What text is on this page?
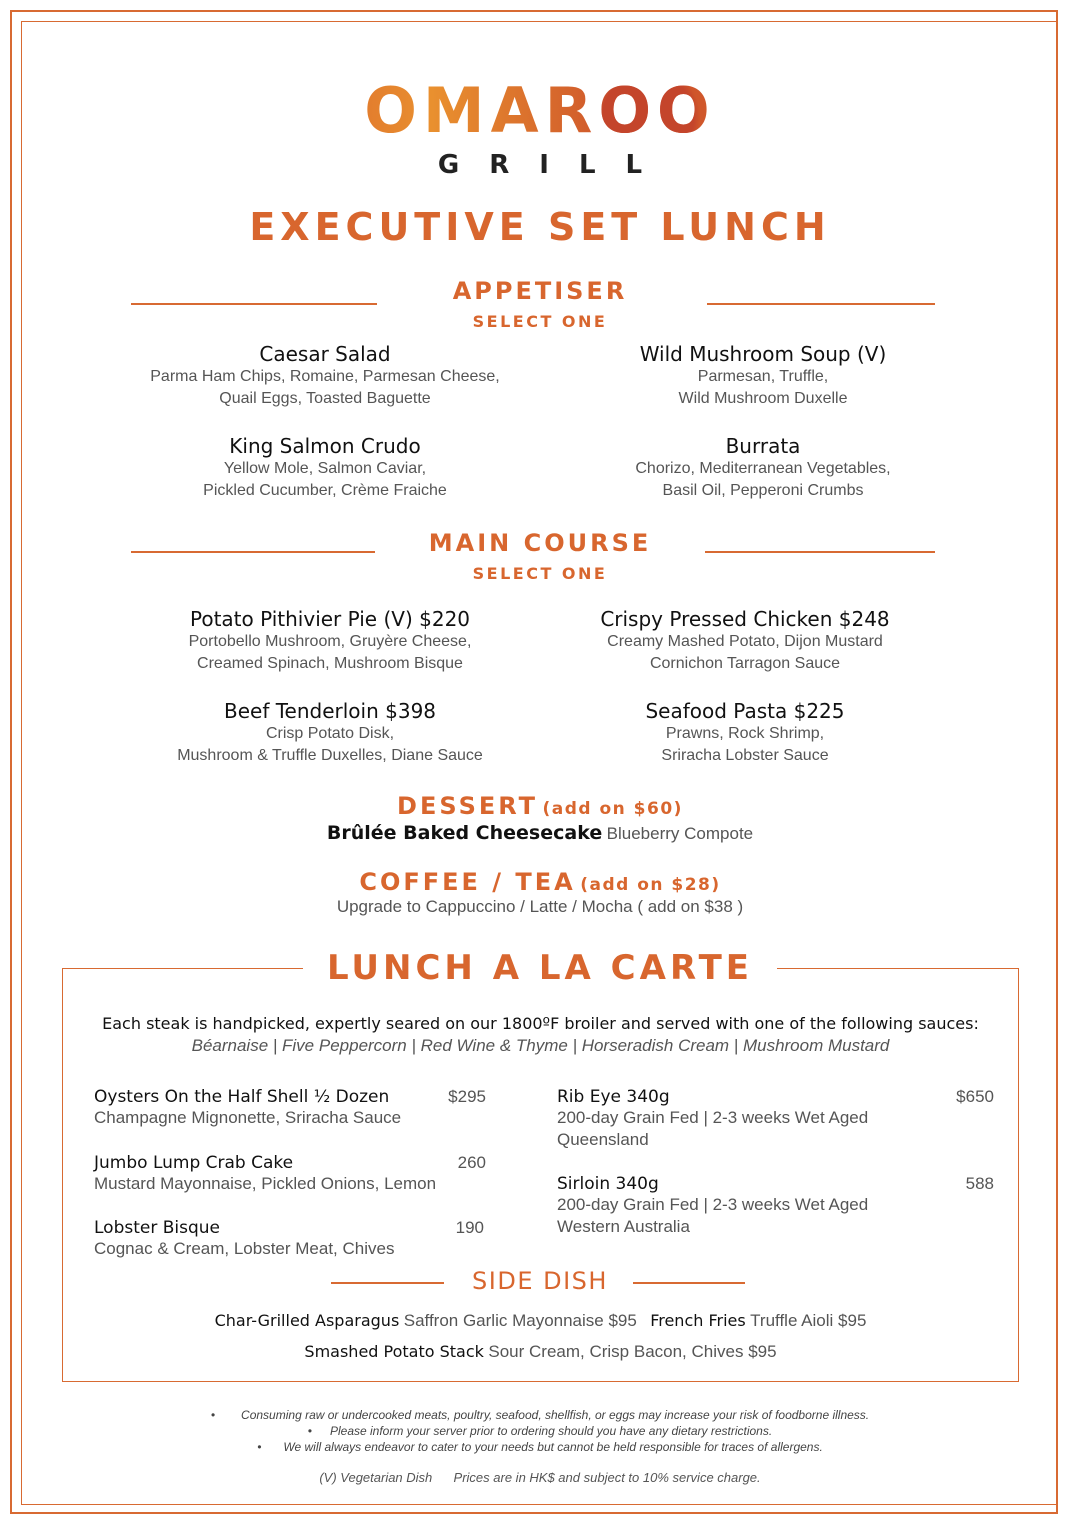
OMAROO
GRILL
EXECUTIVE SET LUNCH
APPETISER
SELECT ONE
Caesar Salad
Parma Ham Chips, Romaine, Parmesan Cheese,
Quail Eggs, Toasted Baguette
Wild Mushroom Soup (V)
Parmesan, Truffle,
Wild Mushroom Duxelle
King Salmon Crudo
Yellow Mole, Salmon Caviar,
Pickled Cucumber, Crème Fraiche
Burrata
Chorizo, Mediterranean Vegetables,
Basil Oil, Pepperoni Crumbs
MAIN COURSE
SELECT ONE
Potato Pithivier Pie (V) $220
Portobello Mushroom, Gruyère Cheese,
Creamed Spinach, Mushroom Bisque
Crispy Pressed Chicken $248
Creamy Mashed Potato, Dijon Mustard
Cornichon Tarragon Sauce
Beef Tenderloin $398
Crisp Potato Disk,
Mushroom & Truffle Duxelles, Diane Sauce
Seafood Pasta $225
Prawns, Rock Shrimp,
Sriracha Lobster Sauce
DESSERT (add on $60)
Brûlée Baked Cheesecake Blueberry Compote
COFFEE / TEA (add on $28)
Upgrade to Cappuccino / Latte / Mocha ( add on $38 )
LUNCH A LA CARTE
Each steak is handpicked, expertly seared on our 1800ºF broiler and served with one of the following sauces:
Béarnaise | Five Peppercorn | Red Wine & Thyme | Horseradish Cream | Mushroom Mustard
Oysters On the Half Shell ½ Dozen	$295
Champagne Mignonette, Sriracha Sauce
Jumbo Lump Crab Cake	260
Mustard Mayonnaise, Pickled Onions, Lemon
Lobster Bisque	190
Cognac & Cream, Lobster Meat, Chives
Rib Eye 340g	$650
200-day Grain Fed | 2-3 weeks Wet Aged
Queensland
Sirloin 340g	588
200-day Grain Fed | 2-3 weeks Wet Aged
Western Australia
SIDE DISH
Char-Grilled Asparagus Saffron Garlic Mayonnaise $95 French Fries Truffle Aioli $95
Smashed Potato Stack Sour Cream, Crisp Bacon, Chives $95
• Consuming raw or undercooked meats, poultry, seafood, shellfish, or eggs may increase your risk of foodborne illness.
• Please inform your server prior to ordering should you have any dietary restrictions.
• We will always endeavor to cater to your needs but cannot be held responsible for traces of allergens.
(V) Vegetarian Dish Prices are in HK$ and subject to 10% service charge.
